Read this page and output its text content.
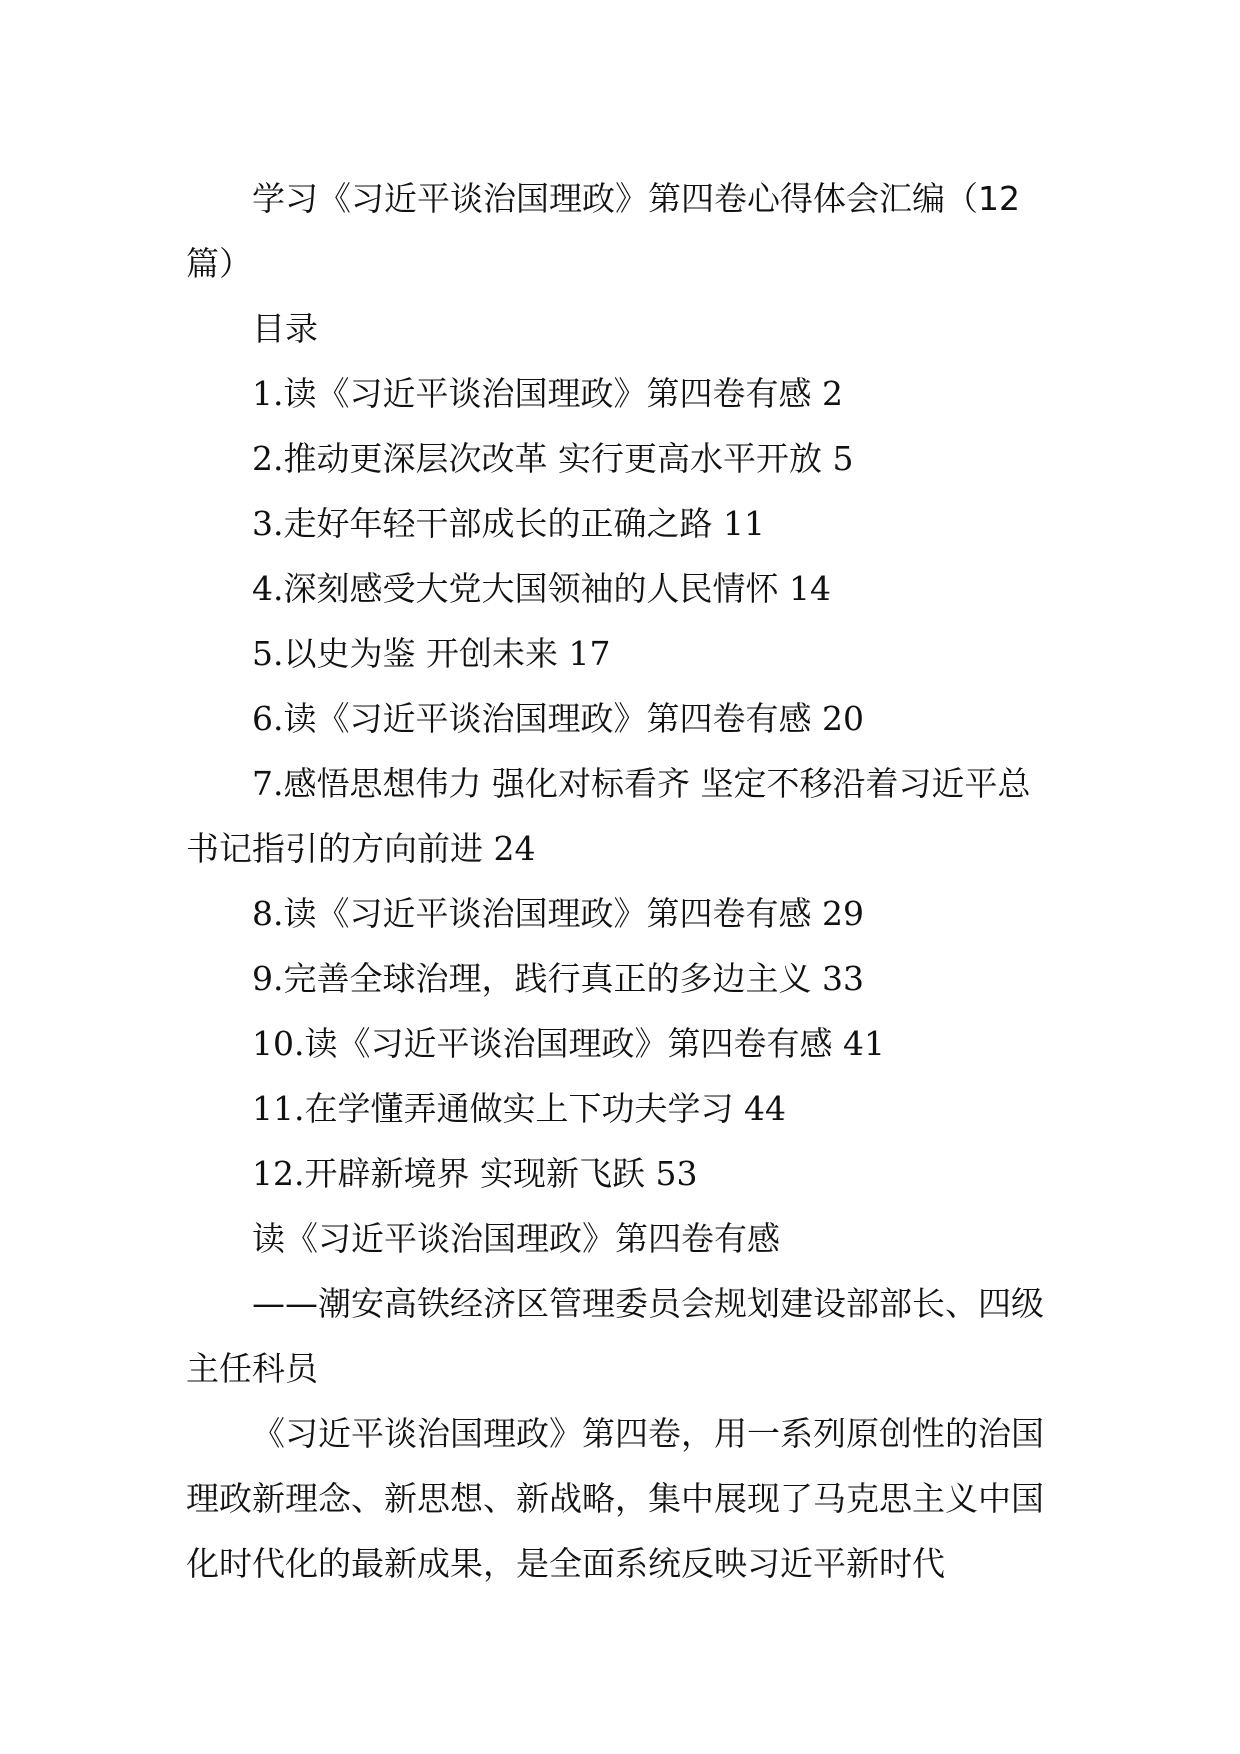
学习《习近平谈治国理政》第四卷心得体会汇编（12篇）

目录

1.读《习近平谈治国理政》第四卷有感 2

2.推动更深层次改革 实行更高水平开放 5

3.走好年轻干部成长的正确之路 11

4.深刻感受大党大国领袖的人民情怀 14

5.以史为鉴 开创未来 17

6.读《习近平谈治国理政》第四卷有感 20

7.感悟思想伟力 强化对标看齐 坚定不移沿着习近平总书记指引的方向前进 24

8.读《习近平谈治国理政》第四卷有感 29

9.完善全球治理，践行真正的多边主义 33

10.读《习近平谈治国理政》第四卷有感 41

11.在学懂弄通做实上下功夫学习 44

12.开辟新境界 实现新飞跃 53

读《习近平谈治国理政》第四卷有感

——潮安高铁经济区管理委员会规划建设部部长、四级主任科员

《习近平谈治国理政》第四卷，用一系列原创性的治国理政新理念、新思想、新战略，集中展现了马克思主义中国化时代化的最新成果，是全面系统反映习近平新时代
